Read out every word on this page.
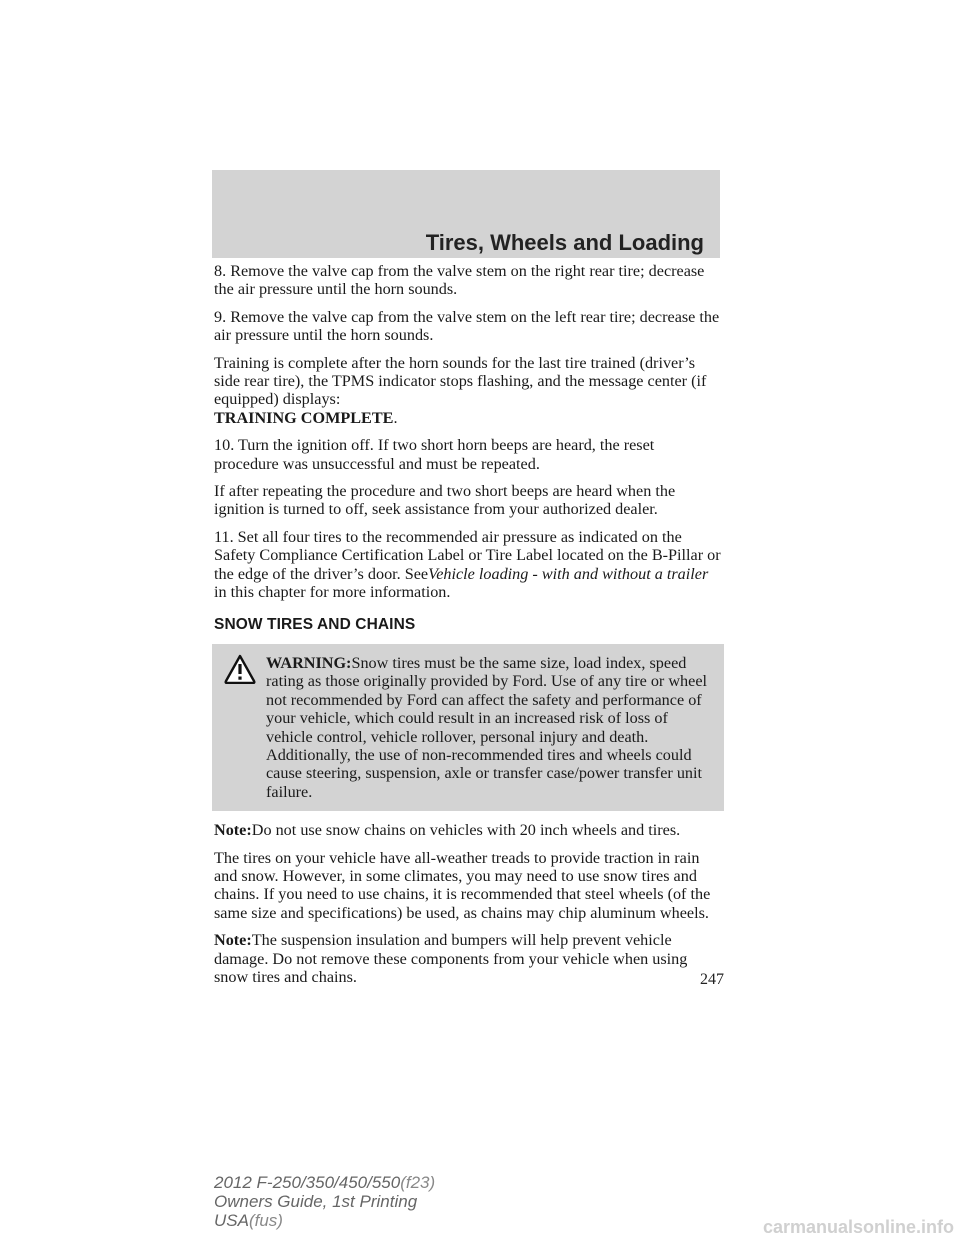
Tires, Wheels and Loading

8. Remove the valve cap from the valve stem on the right rear tire; decrease the air pressure until the horn sounds.

9. Remove the valve cap from the valve stem on the left rear tire; decrease the air pressure until the horn sounds.

Training is complete after the horn sounds for the last tire trained (driver’s side rear tire), the TPMS indicator stops flashing, and the message center (if equipped) displays:

TRAINING COMPLETE.

10. Turn the ignition off. If two short horn beeps are heard, the reset procedure was unsuccessful and must be repeated.

If after repeating the procedure and two short beeps are heard when the ignition is turned to off, seek assistance from your authorized dealer.

11. Set all four tires to the recommended air pressure as indicated on the Safety Compliance Certification Label or Tire Label located on the B-Pillar or the edge of the driver’s door. SeeVehicle loading - with and without a trailer in this chapter for more information.

SNOW TIRES AND CHAINS
WARNING:Snow tires must be the same size, load index, speed rating as those originally provided by Ford. Use of any tire or wheel not recommended by Ford can affect the safety and performance of your vehicle, which could result in an increased risk of loss of vehicle control, vehicle rollover, personal injury and death. Additionally, the use of non-recommended tires and wheels could cause steering, suspension, axle or transfer case/power transfer unit failure.

Note:Do not use snow chains on vehicles with 20 inch wheels and tires.

The tires on your vehicle have all-weather treads to provide traction in rain and snow. However, in some climates, you may need to use snow tires and chains. If you need to use chains, it is recommended that steel wheels (of the same size and specifications) be used, as chains may chip aluminum wheels.

Note:The suspension insulation and bumpers will help prevent vehicle damage. Do not remove these components from your vehicle when using snow tires and chains.	247
2012 F-250/350/450/550(f23)
Owners Guide, 1st Printing
USA(fus)	carmanualsonline.info
